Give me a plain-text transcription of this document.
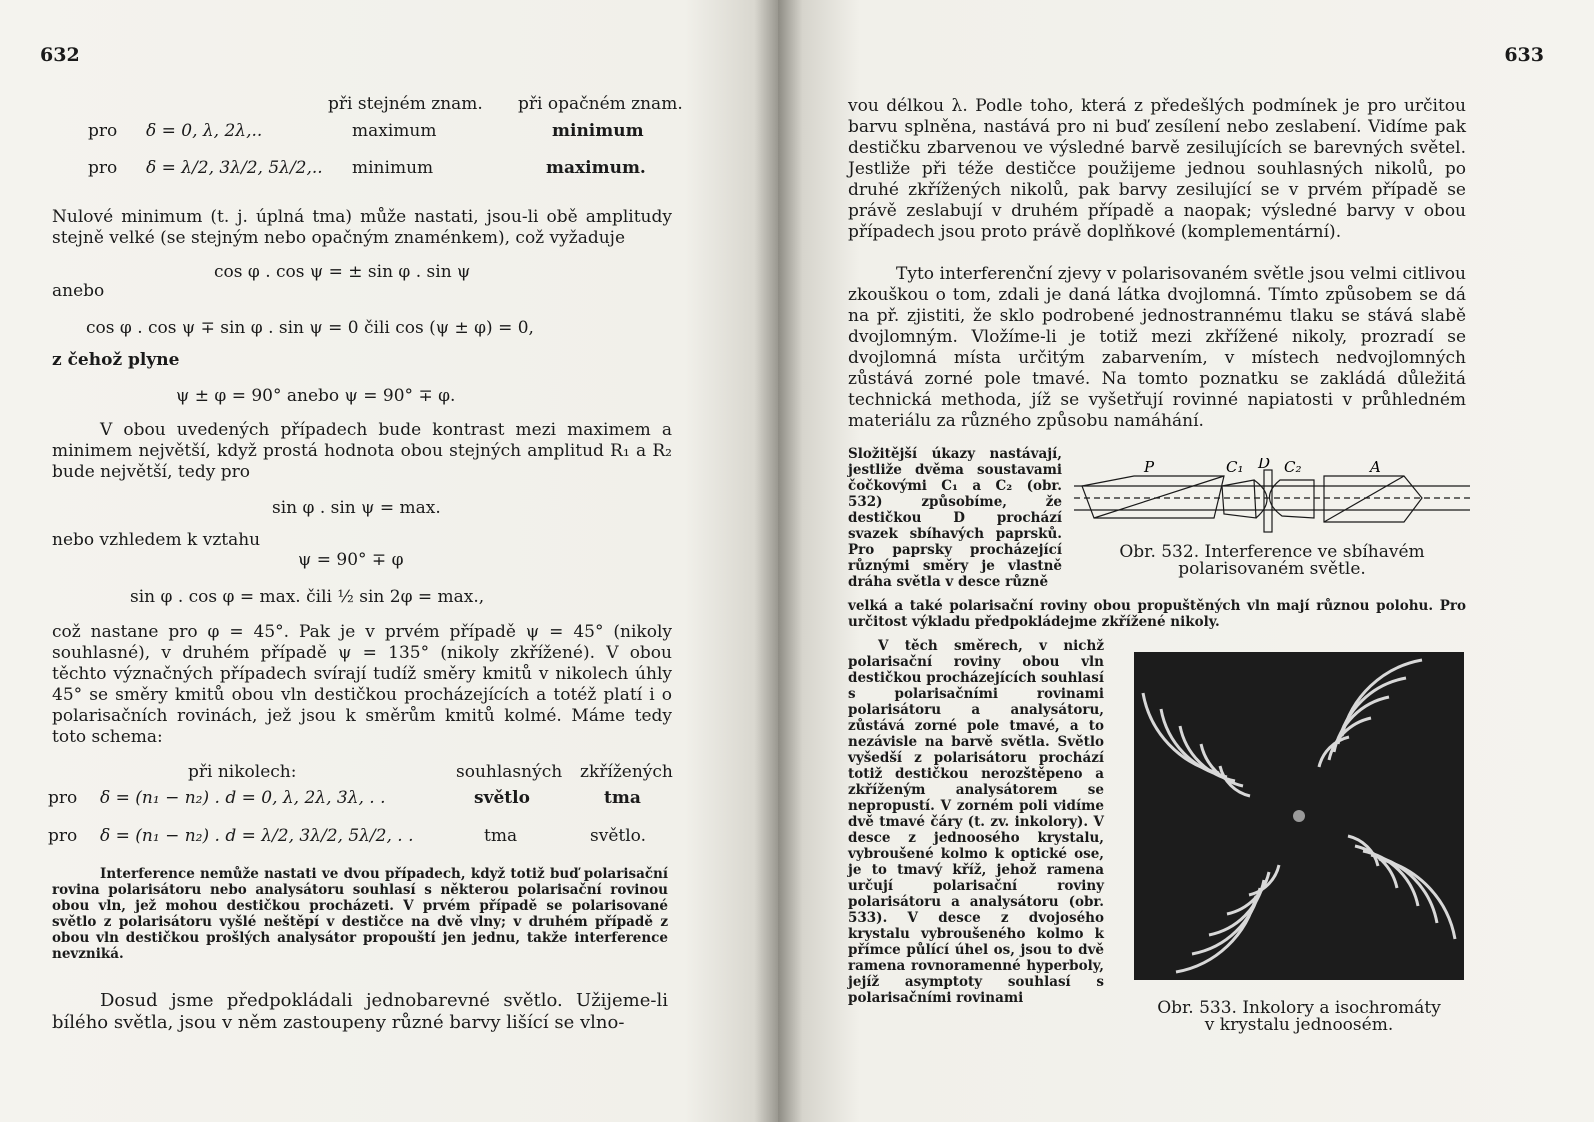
632
při stejném znam. při opačném znam.
pro δ = 0, λ, 2λ,..	maximum	minimum
pro δ = λ/2, 3λ/2, 5λ/2,.. minimum	maximum.
Nulové minimum (t. j. úplná tma) může nastati, jsou-li obě amplitudy stejně velké (se stejným nebo opačným znaménkem), což vyžaduje
cos φ . cos ψ = ± sin φ . sin ψ
anebo
cos φ . cos ψ ∓ sin φ . sin ψ = 0 čili cos (ψ ± φ) = 0,
z čehož plyne
ψ ± φ = 90° anebo ψ = 90° ∓ φ.
V obou uvedených případech bude kontrast mezi maximem a minimem největší, když prostá hodnota obou stejných amplitud R₁ a R₂ bude největší, tedy pro
sin φ . sin ψ = max.
nebo vzhledem k vztahu
ψ = 90° ∓ φ
sin φ . cos φ = max. čili ½ sin 2φ = max.,
což nastane pro φ = 45°. Pak je v prvém případě ψ = 45° (nikoly souhlasné), v druhém případě ψ = 135° (nikoly zkřížené). V obou těchto význačných případech svírají tudíž směry kmitů v nikolech úhly 45° se směry kmitů obou vln destičkou procházejících a totéž platí i o polarisačních rovinách, jež jsou k směrům kmitů kolmé. Máme tedy toto schema:
při nikolech:	souhlasných zkřížených
pro δ = (n₁ − n₂) . d = 0, λ, 2λ, 3λ, . .	světlo	tma
pro δ = (n₁ − n₂) . d = λ/2, 3λ/2, 5λ/2, . .	tma	světlo.
Interference nemůže nastati ve dvou případech, když totiž buď polarisační rovina polarisátoru nebo analysátoru souhlasí s některou polarisační rovinou obou vln, jež mohou destičkou procházeti. V prvém případě se polarisované světlo z polarisátoru vyšlé neštěpí v destičce na dvě vlny; v druhém případě z obou vln destičkou prošlých analysátor propouští jen jednu, takže interference nevzniká.
Dosud jsme předpokládali jednobarevné světlo. Užijeme-li bílého světla, jsou v něm zastoupeny různé barvy lišící se vlno-
633
vou délkou λ. Podle toho, která z předešlých podmínek je pro určitou barvu splněna, nastává pro ni buď zesílení nebo zeslabení. Vidíme pak destičku zbarvenou ve výsledné barvě zesilujících se barevných světel. Jestliže při téže destičce použijeme jednou souhlasných nikolů, po druhé zkřížených nikolů, pak barvy zesilující se v prvém případě se právě zeslabují v druhém případě a naopak; výsledné barvy v obou případech jsou proto právě doplňkové (komplementární).
Tyto interferenční zjevy v polarisovaném světle jsou velmi citlivou zkouškou o tom, zdali je daná látka dvojlomná. Tímto způsobem se dá na př. zjistiti, že sklo podrobené jednostrannému tlaku se stává slabě dvojlomným. Vložíme-li je totiž mezi zkřížené nikoly, prozradí se dvojlomná místa určitým zabarvením, v místech nedvojlomných zůstává zorné pole tmavé. Na tomto poznatku se zakládá důležitá technická methoda, jíž se vyšetřují rovinné napiatosti v průhledném materiálu za různého způsobu namáhání.
Složitější úkazy nastávají, jestliže dvěma soustavami čočkovými C₁ a C₂ (obr. 532) způsobíme, že destičkou D prochází svazek sbíhavých paprsků. Pro paprsky procházející různými směry je vlastně dráha světla v desce různě
P	C₁ D C₂	A
Obr. 532. Interference ve sbíhavém
polarisovaném světle.
velká a také polarisační roviny obou propuštěných vln mají různou polohu. Pro určitost výkladu předpokládejme zkřížené nikoly.
V těch směrech, v nichž polarisační roviny obou vln destičkou procházejících souhlasí s polarisačními rovinami polarisátoru a analysátoru, zůstává zorné pole tmavé, a to nezávisle na barvě světla. Světlo vyšedší z polarisátoru prochází totiž destičkou nerozštěpeno a zkříženým analysátorem se nepropustí. V zorném poli vidíme dvě tmavé čáry (t. zv. inkolory). V desce z jednoosého krystalu, vybroušené kolmo k optické ose, je to tmavý kříž, jehož ramena určují polarisační roviny polarisátoru a analysátoru (obr. 533). V desce z dvojosého krystalu vybroušeného kolmo k přímce půlící úhel os, jsou to dvě ramena rovnoramenné hyperboly, jejíž asymptoty souhlasí s polarisačními rovinami	Obr. 533. Inkolory a isochromáty
v krystalu jednoosém.
